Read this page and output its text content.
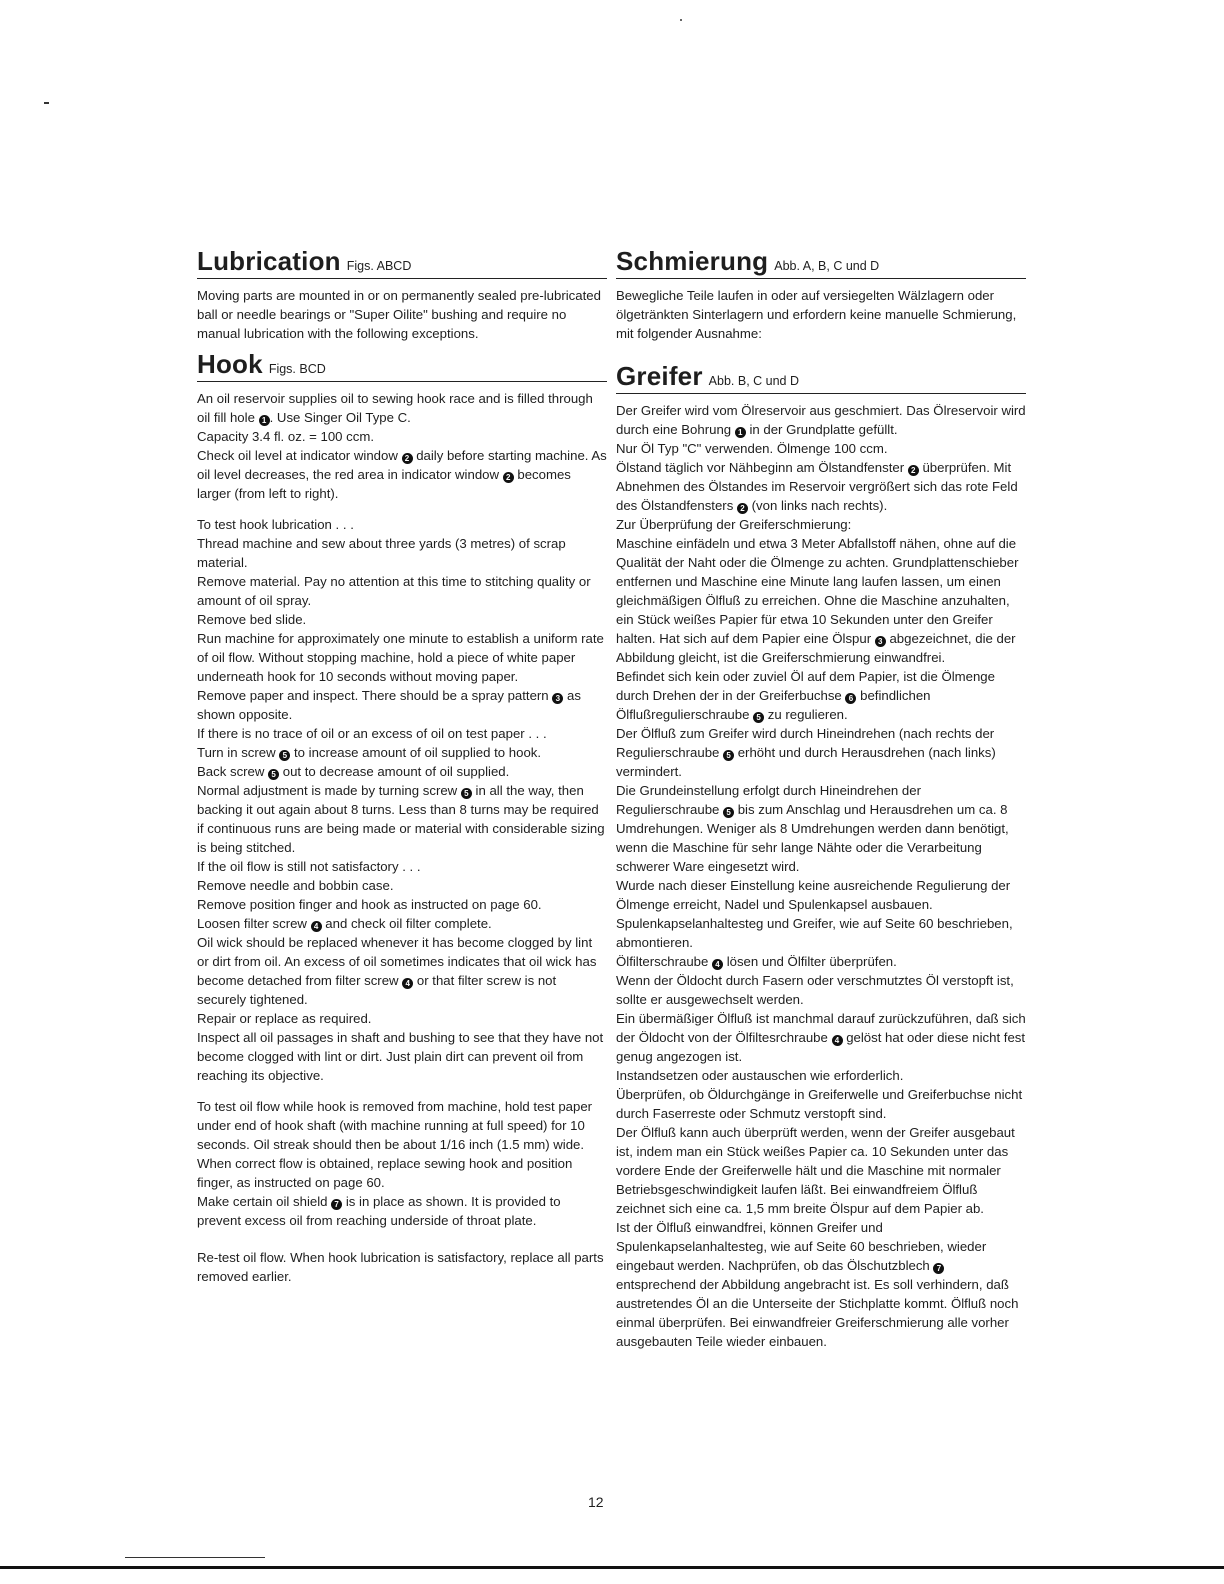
Lubrication Figs. ABCD

Moving parts are mounted in or on permanently sealed pre-lubricated ball or needle bearings or "Super Oilite" bushing and require no manual lubrication with the following exceptions.

Hook Figs. BCD

An oil reservoir supplies oil to sewing hook race and is filled through oil fill hole 1 . Use Singer Oil Type C.

Capacity 3.4 fl. oz. = 100 ccm.

Check oil level at indicator window 2 daily before starting machine. As oil level decreases, the red area in indicator window 2 becomes larger (from left to right).

To test hook lubrication . . .

Thread machine and sew about three yards (3 metres) of scrap material.

Remove material. Pay no attention at this time to stitching quality or amount of oil spray.

Remove bed slide.

Run machine for approximately one minute to establish a uniform rate of oil flow. Without stopping machine, hold a piece of white paper underneath hook for 10 seconds without moving paper.

Remove paper and inspect. There should be a spray pattern 3 as shown opposite.

If there is no trace of oil or an excess of oil on test paper . . .

Turn in screw 5 to increase amount of oil supplied to hook.

Back screw 5 out to decrease amount of oil supplied.

Normal adjustment is made by turning screw 5 in all the way, then backing it out again about 8 turns. Less than 8 turns may be required if continuous runs are being made or material with considerable sizing is being stitched.

If the oil flow is still not satisfactory . . .

Remove needle and bobbin case.

Remove position finger and hook as instructed on page 60.

Loosen filter screw 4 and check oil filter complete.

Oil wick should be replaced whenever it has become clogged by lint or dirt from oil. An excess of oil sometimes indicates that oil wick has become detached from filter screw 4 or that filter screw is not securely tightened.

Repair or replace as required.

Inspect all oil passages in shaft and bushing to see that they have not become clogged with lint or dirt. Just plain dirt can prevent oil from reaching its objective.

To test oil flow while hook is removed from machine, hold test paper under end of hook shaft (with machine running at full speed) for 10 seconds. Oil streak should then be about 1/16 inch (1.5 mm) wide.

When correct flow is obtained, replace sewing hook and position finger, as instructed on page 60.

Make certain oil shield 7 is in place as shown. It is provided to prevent excess oil from reaching underside of throat plate.

Re-test oil flow. When hook lubrication is satisfactory, replace all parts removed earlier.

Schmierung Abb. A, B, C und D

Bewegliche Teile laufen in oder auf versiegelten Wälzlagern oder ölgetränkten Sinterlagern und erfordern keine manuelle Schmierung, mit folgender Ausnahme:

Greifer Abb. B, C und D

Der Greifer wird vom Ölreservoir aus geschmiert. Das Ölreservoir wird durch eine Bohrung 1 in der Grundplatte gefüllt.

Nur Öl Typ "C" verwenden. Ölmenge 100 ccm.

Ölstand täglich vor Nähbeginn am Ölstandfenster 2 überprüfen. Mit Abnehmen des Ölstandes im Reservoir vergrößert sich das rote Feld des Ölstandfensters 2 (von links nach rechts).

Zur Überprüfung der Greiferschmierung:

Maschine einfädeln und etwa 3 Meter Abfallstoff nähen, ohne auf die Qualität der Naht oder die Ölmenge zu achten. Grundplattenschieber entfernen und Maschine eine Minute lang laufen lassen, um einen gleichmäßigen Ölfluß zu erreichen. Ohne die Maschine anzuhalten, ein Stück weißes Papier für etwa 10 Sekunden unter den Greifer halten. Hat sich auf dem Papier eine Ölspur 3 abgezeichnet, die der Abbildung gleicht, ist die Greiferschmierung einwandfrei.

Befindet sich kein oder zuviel Öl auf dem Papier, ist die Ölmenge durch Drehen der in der Greiferbuchse 6 befindlichen Ölflußregulierschraube 5 zu regulieren.

Der Ölfluß zum Greifer wird durch Hineindrehen (nach rechts der Regulierschraube 5 erhöht und durch Herausdrehen (nach links) vermindert.

Die Grundeinstellung erfolgt durch Hineindrehen der Regulierschraube 5 bis zum Anschlag und Herausdrehen um ca. 8 Umdrehungen. Weniger als 8 Umdrehungen werden dann benötigt, wenn die Maschine für sehr lange Nähte oder die Verarbeitung schwerer Ware eingesetzt wird.

Wurde nach dieser Einstellung keine ausreichende Regulierung der Ölmenge erreicht, Nadel und Spulenkapsel ausbauen.

Spulenkapselanhaltesteg und Greifer, wie auf Seite 60 beschrieben, abmontieren.

Ölfilterschraube 4 lösen und Ölfilter überprüfen.

Wenn der Öldocht durch Fasern oder verschmutztes Öl verstopft ist, sollte er ausgewechselt werden.

Ein übermäßiger Ölfluß ist manchmal darauf zurückzuführen, daß sich der Öldocht von der Ölfiltesrchraube 4 gelöst hat oder diese nicht fest genug angezogen ist.

Instandsetzen oder austauschen wie erforderlich.

Überprüfen, ob Öldurchgänge in Greiferwelle und Greiferbuchse nicht durch Faserreste oder Schmutz verstopft sind.

Der Ölfluß kann auch überprüft werden, wenn der Greifer ausgebaut ist, indem man ein Stück weißes Papier ca. 10 Sekunden unter das vordere Ende der Greiferwelle hält und die Maschine mit normaler Betriebsgeschwindigkeit laufen läßt. Bei einwandfreiem Ölfluß zeichnet sich eine ca. 1,5 mm breite Ölspur auf dem Papier ab.

Ist der Ölfluß einwandfrei, können Greifer und Spulenkapselanhaltesteg, wie auf Seite 60 beschrieben, wieder eingebaut werden. Nachprüfen, ob das Ölschutzblech 7 entsprechend der Abbildung angebracht ist. Es soll verhindern, daß austretendes Öl an die Unterseite der Stichplatte kommt. Ölfluß noch einmal überprüfen. Bei einwandfreier Greiferschmierung alle vorher ausgebauten Teile wieder einbauen.

12
